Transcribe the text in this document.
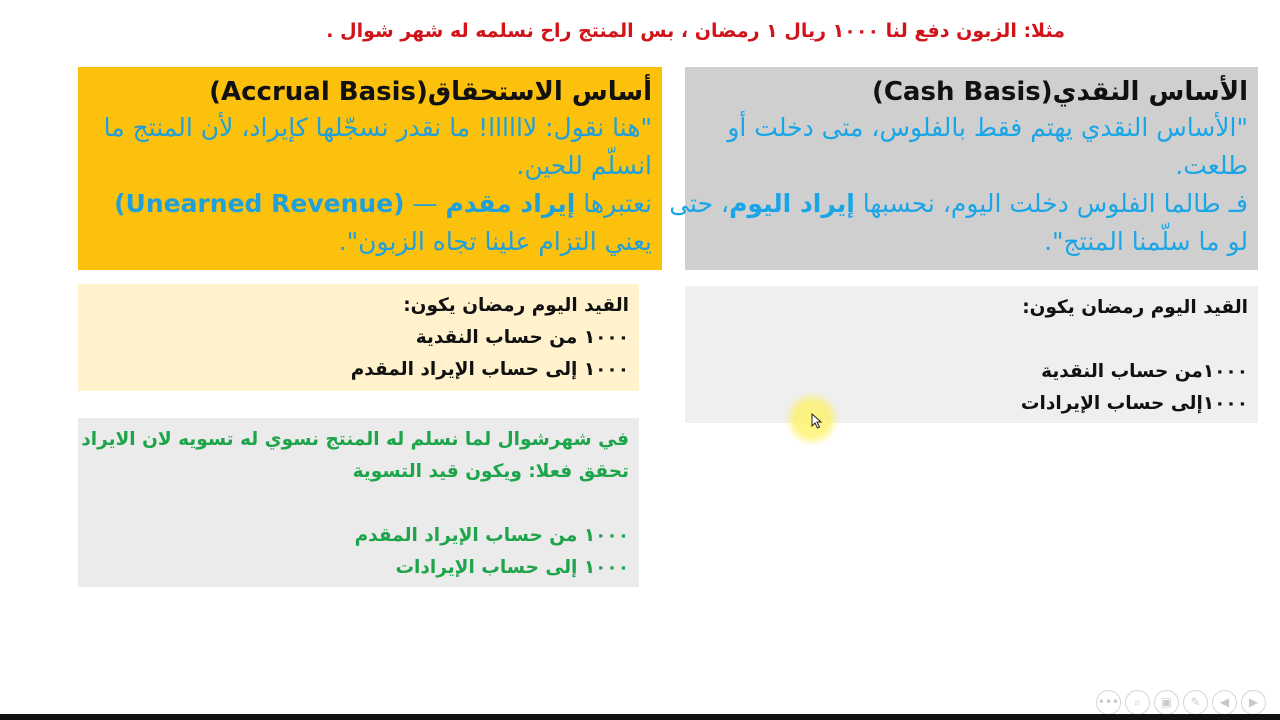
مثلا: الزبون دفع لنا ١٠٠٠ ريال ١ رمضان ، بس المنتج راح نسلمه له شهر شوال .
الأساس النقدي(Cash Basis)
"الأساس النقدي يهتم فقط بالفلوس، متى دخلت أو
طلعت.
فـ طالما الفلوس دخلت اليوم، نحسبها إيراد اليوم، حتى
لو ما سلّمنا المنتج".
أساس الاستحقاق(Accrual Basis)
"هنا نقول: لاااااا! ما نقدر نسجّلها كإيراد، لأن المنتج ما
انسلّم للحين.
نعتبرها إيراد مقدم — (Unearned Revenue)
يعني التزام علينا تجاه الزبون".
القيد اليوم رمضان يكون:
١٠٠٠من حساب النقدية
١٠٠٠إلى حساب الإيرادات
القيد اليوم رمضان يكون:
١٠٠٠ من حساب النقدية
١٠٠٠ إلى حساب الإيراد المقدم
في شهرشوال لما نسلم له المنتج نسوي له تسويه لان الايراد
تحقق فعلا: ويكون قيد التسوية
١٠٠٠ من حساب الإيراد المقدم
١٠٠٠ إلى حساب الإيرادات
•••	⌕	▣	✎	◀	▶
